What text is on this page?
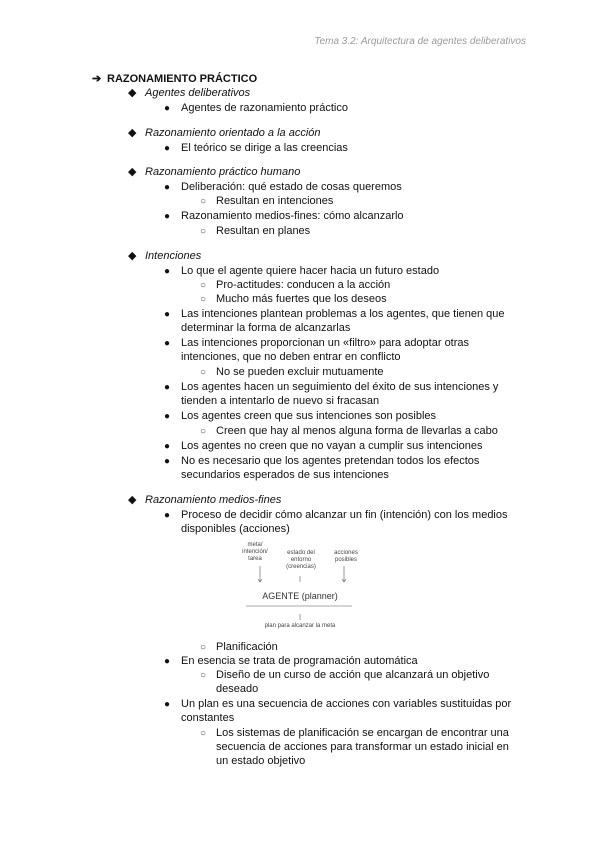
Tema 3.2: Arquitectura de agentes deliberativos
➔ RAZONAMIENTO PRÁCTICO
◆ Agentes deliberativos
● Agentes de razonamiento práctico
◆ Razonamiento orientado a la acción
● El teórico se dirige a las creencias
◆ Razonamiento práctico humano
● Deliberación: qué estado de cosas queremos
○ Resultan en intenciones
● Razonamiento medios-fines: cómo alcanzarlo
○ Resultan en planes
◆ Intenciones
● Lo que el agente quiere hacer hacia un futuro estado
○ Pro-actitudes: conducen a la acción
○ Mucho más fuertes que los deseos
● Las intenciones plantean problemas a los agentes, que tienen que
determinar la forma de alcanzarlas
● Las intenciones proporcionan un «filtro» para adoptar otras
intenciones, que no deben entrar en conflicto
○ No se pueden excluir mutuamente
● Los agentes hacen un seguimiento del éxito de sus intenciones y
tienden a intentarlo de nuevo si fracasan
● Los agentes creen que sus intenciones son posibles
○ Creen que hay al menos alguna forma de llevarlas a cabo
● Los agentes no creen que no vayan a cumplir sus intenciones
● No es necesario que los agentes pretendan todos los efectos
secundarios esperados de sus intenciones
◆ Razonamiento medios-fines
● Proceso de decidir cómo alcanzar un fin (intención) con los medios
disponibles (acciones)
meta/ intención/ tarea
estado del entorno (creencias)
acciones posibles
AGENTE (planner)
plan para alcanzar la meta
○ Planificación
● En esencia se trata de programación automática
○ Diseño de un curso de acción que alcanzará un objetivo
deseado
● Un plan es una secuencia de acciones con variables sustituidas por
constantes
○ Los sistemas de planificación se encargan de encontrar una
secuencia de acciones para transformar un estado inicial en
un estado objetivo
